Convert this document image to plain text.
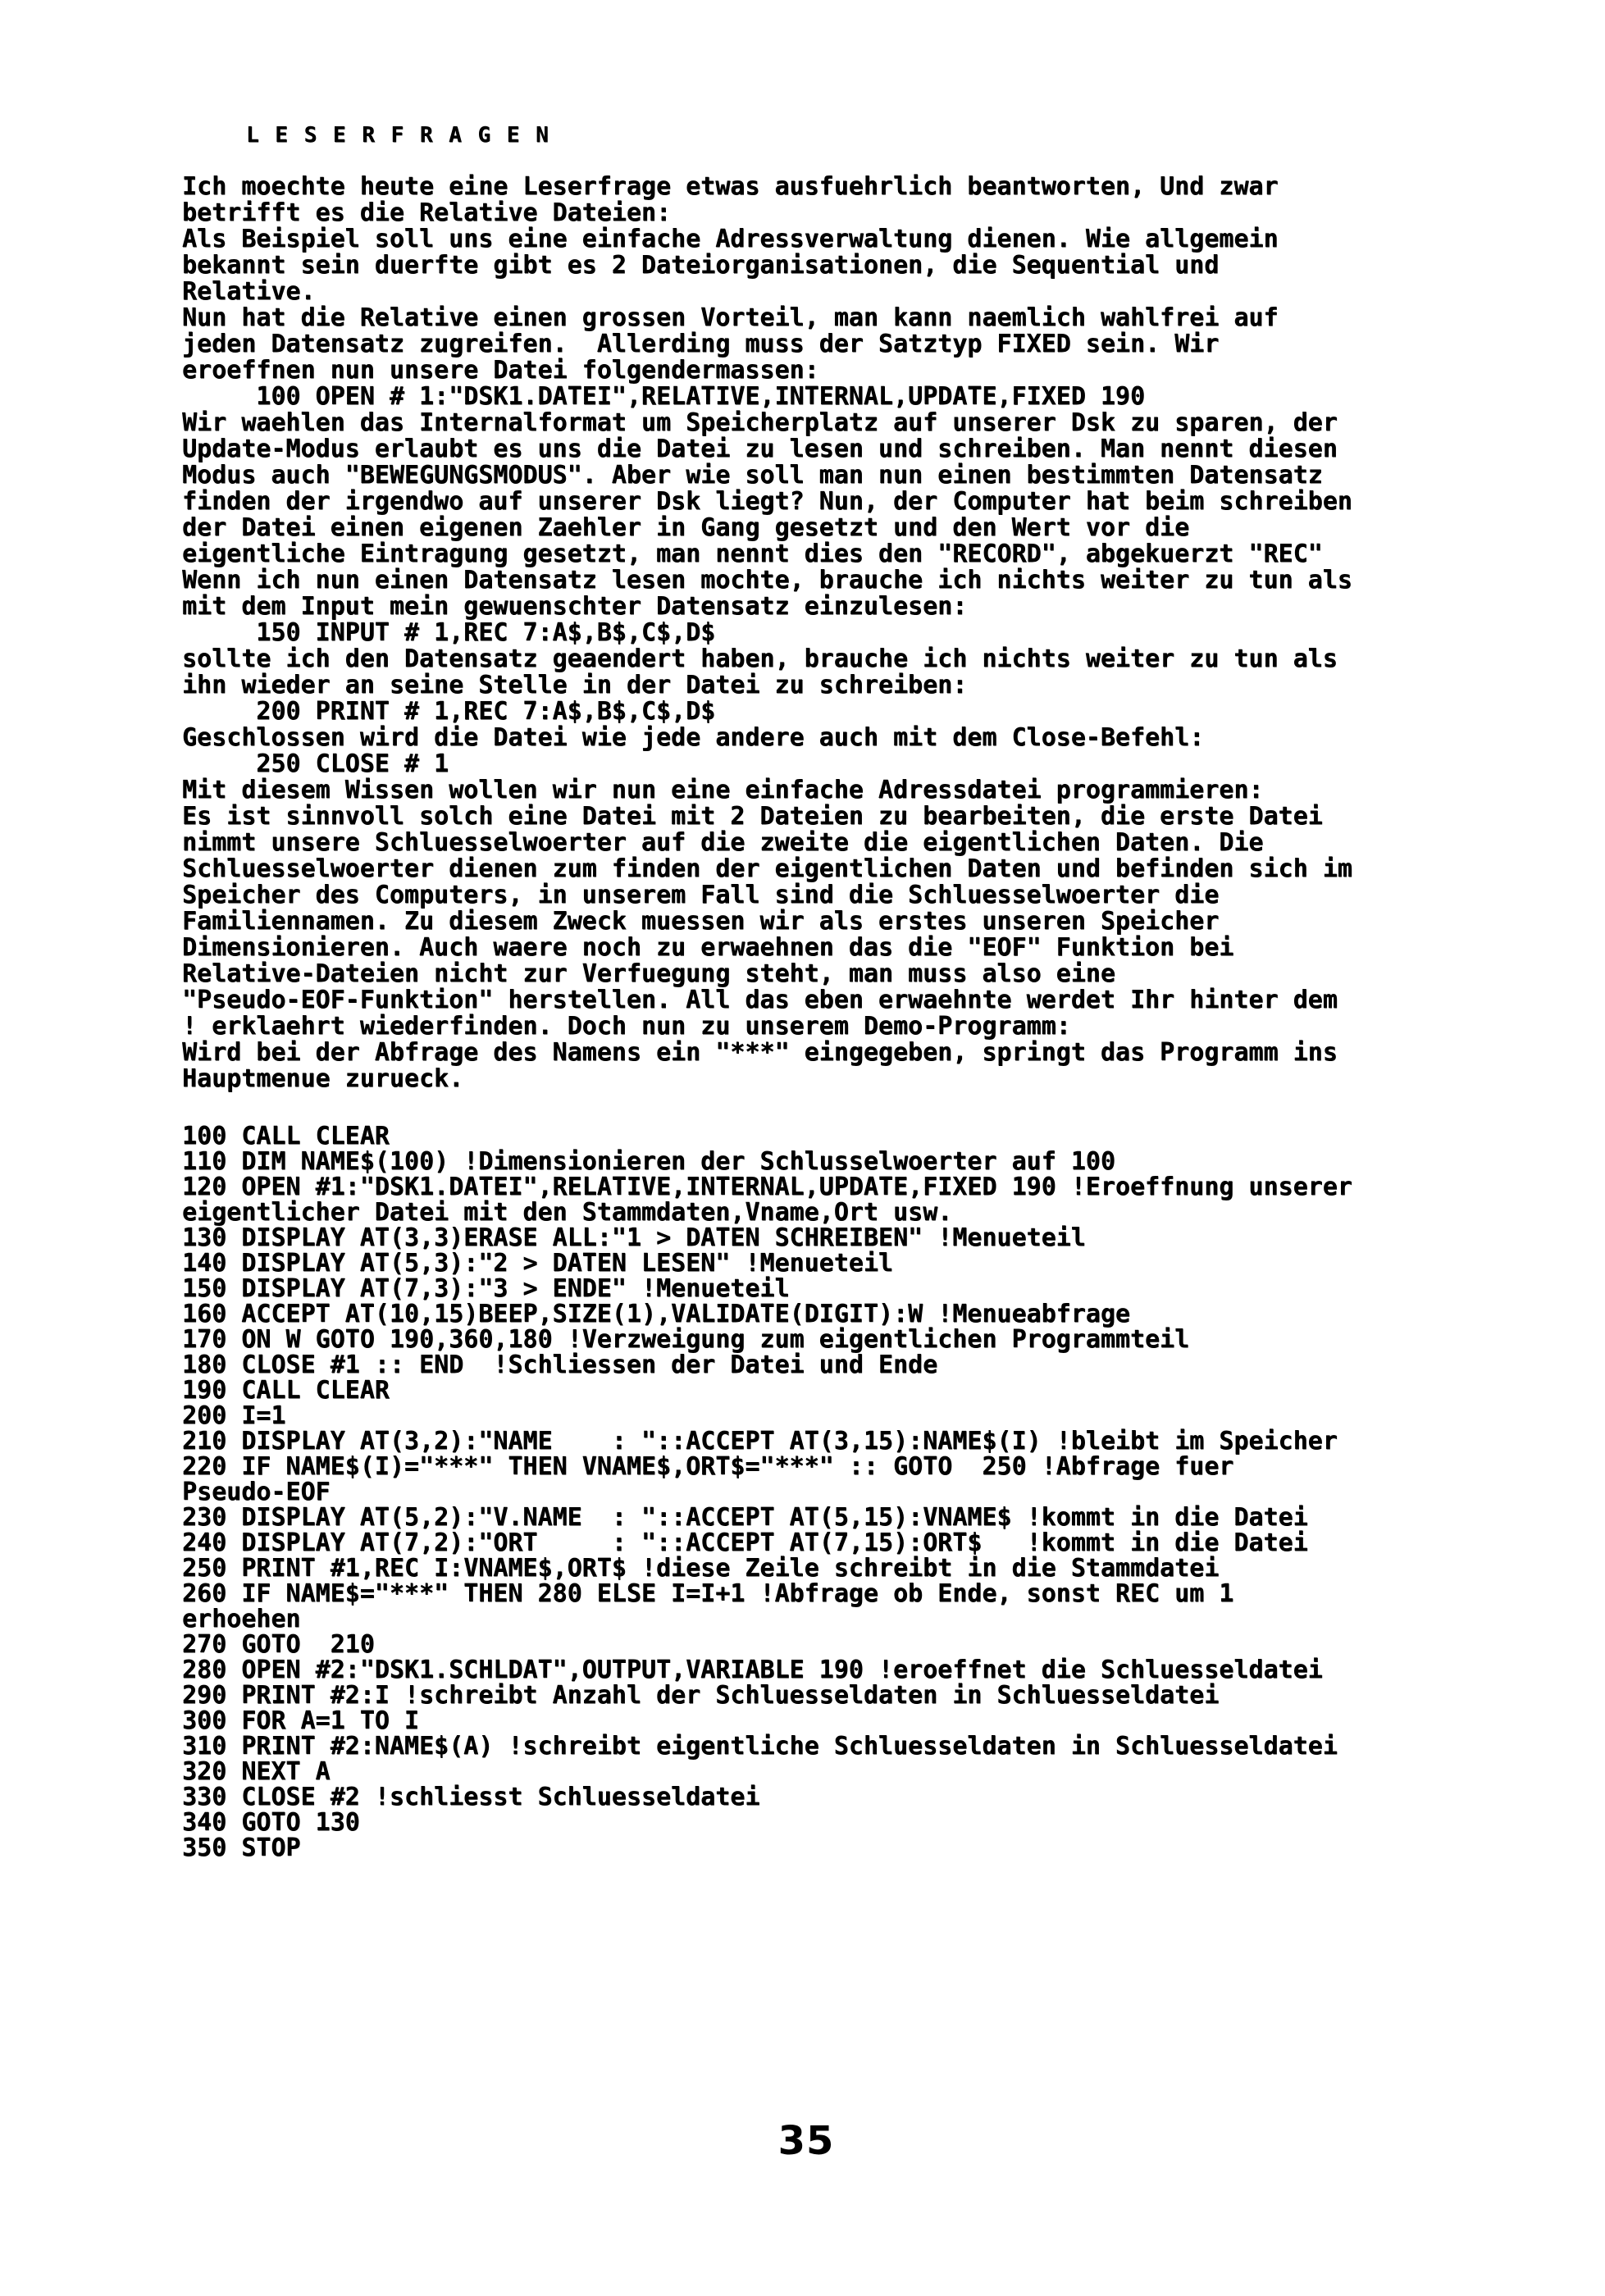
L E S E R F R A G E N
Ich moechte heute eine Leserfrage etwas ausfuehrlich beantworten, Und zwar
betrifft es die Relative Dateien:
Als Beispiel soll uns eine einfache Adressverwaltung dienen. Wie allgemein
bekannt sein duerfte gibt es 2 Dateiorganisationen, die Sequential und
Relative.
Nun hat die Relative einen grossen Vorteil, man kann naemlich wahlfrei auf
jeden Datensatz zugreifen.  Allerding muss der Satztyp FIXED sein. Wir
eroeffnen nun unsere Datei folgendermassen:
100 OPEN # 1:"DSK1.DATEI",RELATIVE,INTERNAL,UPDATE,FIXED 190
Wir waehlen das Internalformat um Speicherplatz auf unserer Dsk zu sparen, der
Update-Modus erlaubt es uns die Datei zu lesen und schreiben. Man nennt diesen
Modus auch "BEWEGUNGSMODUS". Aber wie soll man nun einen bestimmten Datensatz
finden der irgendwo auf unserer Dsk liegt? Nun, der Computer hat beim schreiben
der Datei einen eigenen Zaehler in Gang gesetzt und den Wert vor die
eigentliche Eintragung gesetzt, man nennt dies den "RECORD", abgekuerzt "REC"
Wenn ich nun einen Datensatz lesen mochte, brauche ich nichts weiter zu tun als
mit dem Input mein gewuenschter Datensatz einzulesen:
150 INPUT # 1,REC 7:A$,B$,C$,D$
sollte ich den Datensatz geaendert haben, brauche ich nichts weiter zu tun als
ihn wieder an seine Stelle in der Datei zu schreiben:
200 PRINT # 1,REC 7:A$,B$,C$,D$
Geschlossen wird die Datei wie jede andere auch mit dem Close-Befehl:
250 CLOSE # 1
Mit diesem Wissen wollen wir nun eine einfache Adressdatei programmieren:
Es ist sinnvoll solch eine Datei mit 2 Dateien zu bearbeiten, die erste Datei
nimmt unsere Schluesselwoerter auf die zweite die eigentlichen Daten. Die
Schluesselwoerter dienen zum finden der eigentlichen Daten und befinden sich im
Speicher des Computers, in unserem Fall sind die Schluesselwoerter die
Familiennamen. Zu diesem Zweck muessen wir als erstes unseren Speicher
Dimensionieren. Auch waere noch zu erwaehnen das die "EOF" Funktion bei
Relative-Dateien nicht zur Verfuegung steht, man muss also eine
"Pseudo-EOF-Funktion" herstellen. All das eben erwaehnte werdet Ihr hinter dem
! erklaehrt wiederfinden. Doch nun zu unserem Demo-Programm:
Wird bei der Abfrage des Namens ein "***" eingegeben, springt das Programm ins
Hauptmenue zurueck.
100 CALL CLEAR
110 DIM NAME$(100) !Dimensionieren der Schlusselwoerter auf 100
120 OPEN #1:"DSK1.DATEI",RELATIVE,INTERNAL,UPDATE,FIXED 190 !Eroeffnung unserer
eigentlicher Datei mit den Stammdaten,Vname,Ort usw.
130 DISPLAY AT(3,3)ERASE ALL:"1 > DATEN SCHREIBEN" !Menueteil
140 DISPLAY AT(5,3):"2 > DATEN LESEN" !Menueteil
150 DISPLAY AT(7,3):"3 > ENDE" !Menueteil
160 ACCEPT AT(10,15)BEEP,SIZE(1),VALIDATE(DIGIT):W !Menueabfrage
170 ON W GOTO 190,360,180 !Verzweigung zum eigentlichen Programmteil
180 CLOSE #1 :: END  !Schliessen der Datei und Ende
190 CALL CLEAR
200 I=1
210 DISPLAY AT(3,2):"NAME    : "::ACCEPT AT(3,15):NAME$(I) !bleibt im Speicher
220 IF NAME$(I)="***" THEN VNAME$,ORT$="***" :: GOTO  250 !Abfrage fuer
Pseudo-EOF
230 DISPLAY AT(5,2):"V.NAME  : "::ACCEPT AT(5,15):VNAME$ !kommt in die Datei
240 DISPLAY AT(7,2):"ORT     : "::ACCEPT AT(7,15):ORT$   !kommt in die Datei
250 PRINT #1,REC I:VNAME$,ORT$ !diese Zeile schreibt in die Stammdatei
260 IF NAME$="***" THEN 280 ELSE I=I+1 !Abfrage ob Ende, sonst REC um 1
erhoehen
270 GOTO  210
280 OPEN #2:"DSK1.SCHLDAT",OUTPUT,VARIABLE 190 !eroeffnet die Schluesseldatei
290 PRINT #2:I !schreibt Anzahl der Schluesseldaten in Schluesseldatei
300 FOR A=1 TO I
310 PRINT #2:NAME$(A) !schreibt eigentliche Schluesseldaten in Schluesseldatei
320 NEXT A
330 CLOSE #2 !schliesst Schluesseldatei
340 GOTO 130
350 STOP
35
